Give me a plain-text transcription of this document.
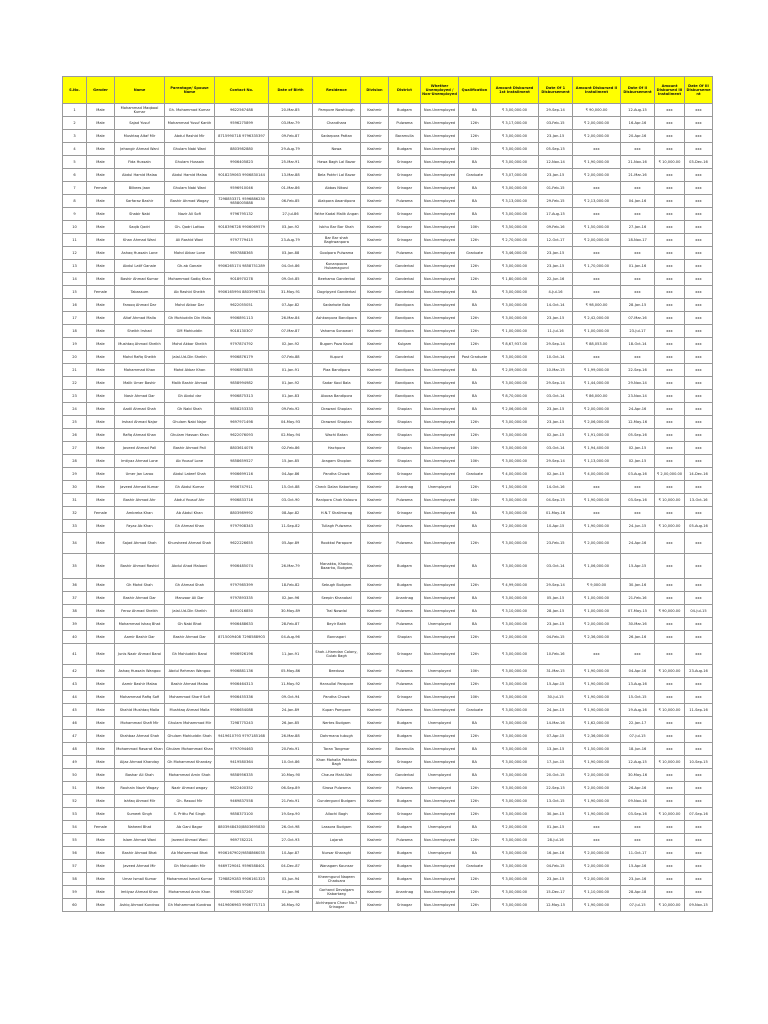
S.No.	Gender	Name	Parentage/ Spouse Name	Contact No.	Date of Birth	Residence	Division	District	Whether Unemployed / Non-Unemployed	Qualification	Amount Disbursed 1st Installment	Date Of 1 Disbursement	Amount Disbursed II Installment	Date Of II Disbursement	Amount Disbursed III Installment	Date Of III Disbursement
1	Male	Mohammad Maqbool Kumar	Gh. Mohammad Kumar	9622567488	20-Mar-85	Pampore Nowhbugh	Kashmir	Budgam	Non-Unemployed	BA	₹ 3,00,000.00	29-Sep-14	₹ 90,000.00	12-Aug-15	xxx	xxx
2	Male	Sajad Yusuf	Mohammad Yusuf Kanth	9596275899	03-Mar-79	Chandhara	Kashmir	Pulwama	Non-Unemployed	12th	₹ 3,17,000.00	03-Feb-15	₹ 2,00,000.00	16-Apr-16	xxx	xxx
3	Male	Mushtaq Altaf Mir	Abdul Rashid Mir	8715990718 9796335397	09-Feb-87	Sadarpora Pattan	Kashmir	Baramulla	Non-Unemployed	12th	₹ 3,00,000.00	23-Jan-15	₹ 2,00,000.00	20-Apr-16	xxx	xxx
4	Male	Jehangir Ahmad Wani	Ghulam Nabi Wani	8803982880	29-Aug-79	Nowa	Kashmir	Budgam	Non-Unemployed	10th	₹ 3,00,000.00	05-Sep-15	xxx	xxx	xxx	xxx
5	Male	Fida Hussain	Ghulam Hussain	9906405823	25-Mar-91	Hawa Bagh Lal Bazar	Kashmir	Srinagar	Non-Unemployed	BA	₹ 3,00,000.00	12-Nov-14	₹ 1,90,000.00	21-Nov-16	₹ 10,000.00	03-Dec-16
6	Male	Abdul Hamid Malaa	Abdul Hamid Malaa	9018239063 9906830144	13-Mar-88	Bela Pokhri Lal Bazar	Kashmir	Srinagar	Non-Unemployed	Graduate	₹ 3,07,000.00	23-Jan-15	₹ 2,00,000.00	21-Mar-16	xxx	xxx
7	Female	Bilkees Jaan	Ghulam Nabi Wani	9596910046	01-Mar-86	Abbas Nikasi	Kashmir	Srinagar	Non-Unemployed	BA	₹ 3,00,000.00	01-Feb-15	xxx	xxx	xxx	xxx
8	Male	Sarfaraz Bashir	Bashir Ahmad Wagay	7298853371 9596886230 9858005888	06-Feb-85	Alakpora Awantipora	Kashmir	Pulwama	Non-Unemployed	BA	₹ 3,13,000.00	29-Feb-15	₹ 2,13,000.00	04-Jan-16	xxx	xxx
9	Male	Shabir Nabi	Nazir Ali Sofi	9796795132	27-Jul-86	Fathe Kadal Malik Angan	Kashmir	Srinagar	Non-Unemployed	BA	₹ 3,00,000.00	17-Aug-15	xxx	xxx	xxx	xxx
10	Male	Saqib Qadri	Gh. Qadri Lattoo	9018396728 9906069579	03-Jan-92	Isbhu Bar Bar Shah	Kashmir	Srinagar	Non-Unemployed	10th	₹ 3,50,000.00	09-Feb-16	₹ 1,50,000.00	27-Jan-16	xxx	xxx
11	Male	Khan Ahmad Wani	Ali Rashid Wani	9797779415	23-Aug-79	Bar Bar shah Baghwanpora	Kashmir	Srinagar	Non-Unemployed	12th	₹ 2,70,000.00	12-Oct-17	₹ 2,00,000.00	18-Nov-17	xxx	xxx
12	Male	Ashaq Hussain Lone	Mohd Akbar Lone	9697888365	03-Jan-88	Goolpora Pulwama	Kashmir	Pulwama	Non-Unemployed	Graduate	₹ 3,46,000.00	23-Jan-15	xxx	xxx	xxx	xxx
13	Male	Abdul Latif Ganaie	Gh.ab Ganaie	9906265174 9858751289	04-Oct-86	Kunanpoora Hubamagund	Kashmir	Ganderbal	Non-Unemployed	12th	₹ 3,00,000.00	23-Jan-15	₹ 1,70,000.00	01-Jan-16	xxx	xxx
14	Male	Bashir Ahmad Kumar	Mohammad Sadiq Khan	9018970278	09-Oct-85	Beehama Ganderbal	Kashmir	Ganderbal	Non-Unemployed	12th	₹ 1,80,000.00	22-Jun-16	xxx	xxx	xxx	xxx
15	Female	Tabassum	Ab Rashid Sheikh	9906165994 8803996734	31-May-91	Dogripyed Ganderbal	Kashmir	Ganderbal	Non-Unemployed	BA	₹ 3,00,000.00	4-Jul-16	xxx	xxx	xxx	xxx
16	Male	Farooq Ahmad Dar	Mohd Akbar Dar	9622055051	07-Apr-82	Sadarkote Bala	Kashmir	Bandipora	Non-Unemployed	BA	₹ 3,00,000.00	14-Oct-14	₹ 98,000.00	28-Jan-15	xxx	xxx
17	Male	Altaf Ahmad Malla	Gh Mohiuddin Din Malla	9906891113	26-Mar-84	Ashkanpora Bandipora	Kashmir	Bandipora	Non-Unemployed	12th	₹ 3,00,000.00	23-Jan-15	₹ 2,42,000.00	07-Mar-16	xxx	xxx
18	Male	Sheikh Irshad	GM Mohiuddin	9018130307	07-Mar-87	Vahama Sonawari	Kashmir	Bandipora	Non-Unemployed	12th	₹ 1,00,000.00	11-Jul-16	₹ 1,00,000.00	23-Jul-17	xxx	xxx
19	Male	Mushtaq Ahmad Sheikh	Mohd Akbar Sheikh	9797874792	02-Jan-92	Bugam Poza Kaval	Kashmir	Kulgam	Non-Unemployed	12th	₹ 8,67,937.00	29-Sep-14	₹ 88,053.00	18-Oct-14	xxx	xxx
20	Male	Mohd Rafiq Sheikh	Jalal-Ud-Din Sheikh	9906876179	07-Feb-88	Kupurd	Kashmir	Ganderbal	Non-Unemployed	Post Graduate	₹ 3,00,000.00	10-Oct-14	xxx	xxx	xxx	xxx
21	Male	Mohammad Khan	Mohd Akbar Khan	9906870835	01-Jan-91	Plaa Bandipora	Kashmir	Bandipora	Non-Unemployed	BA	₹ 2,09,000.00	10-Mar-15	₹ 1,99,000.00	22-Sep-16	xxx	xxx
22	Male	Malik Umer Bashir	Malik Bashir Ahmad	9858994982	01-Jan-92	Sadar Kool Bala	Kashmir	Bandipora	Non-Unemployed	BA	₹ 3,00,000.00	29-Sep-14	₹ 1,44,000.00	29-Nov-14	xxx	xxx
23	Male	Nasir Ahmad Dar	Gh Abdul dar	9906875313	01-Jan-83	Aloosa Bandipora	Kashmir	Bandipora	Non-Unemployed	BA	₹ 8,70,000.00	03-Oct-14	₹ 86,000.00	23-Nov-14	xxx	xxx
24	Male	Aadil Ahmad Shah	Gh Nabi Shah	9858253333	09-Feb-92	Drawani Shopian	Kashmir	Shopian	Non-Unemployed	BA	₹ 2,06,000.00	23-Jan-15	₹ 2,00,000.00	24-Apr-16	xxx	xxx
25	Male	Irshad Ahmad Najar	Ghulam Nabi Najar	9697971498	04-May-93	Drawani Shopian	Kashmir	Shopian	Non-Unemployed	12th	₹ 3,00,000.00	23-Jan-15	₹ 2,06,000.00	12-May-16	xxx	xxx
26	Male	Rafiq Ahmad Khan	Ghulam Hassan Khan	9622076093	02-May-94	Wachi Batan	Kashmir	Shopian	Non-Unemployed	12th	₹ 3,00,000.00	02-Jan-15	₹ 1,91,000.00	05-Sep-16	xxx	xxx
27	Male	Javeed Ahmad Pall	Bashir Ahmad Pall	8803614076	02-Feb-86	Hachpora	Kashmir	Shopian	Non-Unemployed	10th	₹ 3,00,000.00	03-Oct-14	₹ 1,94,400.00	02-Jan-15	xxx	xxx
28	Male	Imtiyaz Ahmad Lone	Ab Yousuf Lone	9858659527	15-Jan-85	Aragam Shopian	Kashmir	Shopian	Non-Unemployed	10th	₹ 3,00,000.00	29-Sep-14	₹ 1,13,000.00	02-Jan-15	xxx	xxx
29	Male	Umer Jan Laroo	Abdul Lateef Shah	9906699116	04-Apr-86	Pandha Chowk	Kashmir	Srinagar	Non-Unemployed	Graduate	₹ 4,00,000.00	02-Jan-15	₹ 4,00,000.00	03-Aug-16	₹ 2,00,000.00	14-Dec-16
30	Male	Javeed Ahmad Kumar	Gh Abdul Kumar	9906747911	15-Oct-88	Check Dalan Kabartaeg	Kashmir	Anantnag	Unemployed	12th	₹ 1,50,000.00	14-Oct-16	xxx	xxx	xxx	xxx
31	Male	Bashir Ahmad Ahr	Abdul Yousuf Ahr	9906833716	03-Oct-90	Ranipora Chak Kalaura	Kashmir	Pulwama	Non-Unemployed	10th	₹ 3,00,000.00	04-Sep-15	₹ 1,90,000.00	03-Sep-16	₹ 10,000.00	13-Oct-16
32	Female	Ambreka Khan	Ab Abdul Khan	8803989992	08-Apr-82	H.N.T Shalimarag	Kashmir	Srinagar	Non-Unemployed	BA	₹ 3,00,000.00	01-May-16	xxx	xxx	xxx	xxx
33	Male	Fayaz Ab Khan	Gh Ahmad Khan	9797908343	11-Sep-82	Tullagh Pulwama	Kashmir	Pulwama	Non-Unemployed	BA	₹ 2,00,000.00	10-Apr-15	₹ 1,90,000.00	24-Jun-15	₹ 10,000.00	05-Aug-16
34	Male	Sajad Ahmad Shah	Khursheed Ahmad Shah	9622226655	05-Apr-89	Rookkal Parapore	Kashmir	Pulwama	Non-Unemployed	12th	₹ 3,00,000.00	23-Feb-15	₹ 2,00,000.00	24-Apr-16	xxx	xxx
35	Male	Bashir Ahmad Rashid	Abdul Ahad Malooni	9906485074	26-Mar-79	Manakka, Khanbu, Bazarka, Budgam	Kashmir	Budgam	Non-Unemployed	BA	₹ 3,00,000.00	03-Oct-14	₹ 1,06,000.00	15-Apr-15	xxx	xxx
36	Male	Gh Mohd Shah	Gh Ahmad Shah	9797985399	18-Feb-82	Sebugh Budgam	Kashmir	Budgam	Non-Unemployed	12th	₹ 4,99,000.00	29-Sep-14	₹ 9,000.00	30-Jan-16	xxx	xxx
37	Male	Bashir Ahmad Dar	Manzoor Ali Dar	9797893335	02-Jan-96	Seepin Khanabal	Kashmir	Anantnag	Non-Unemployed	BA	₹ 3,00,000.00	05-Jan-15	₹ 1,00,000.00	21-Feb-16	xxx	xxx
38	Male	Feroz Ahmad Sheikh	Jalal-Ud-Din Sheikh	8491016850	30-May-89	Tral Nowdal	Kashmir	Pulwama	Non-Unemployed	BA	₹ 3,10,000.00	28-Jan-15	₹ 1,00,000.00	07-May-15	₹ 90,000.00	04-Jul-15
39	Male	Mohammad Ishaq Bhat	Gh Nabi Bhat	9906488633	28-Feb-87	Beyir Bakh	Kashmir	Pulwama	Unemployed	BA	₹ 3,00,000.00	23-Jan-15	₹ 2,00,000.00	30-Mar-16	xxx	xxx
40	Male	Aamir Bashir Dar	Bashir Ahmad Dar	8715009408 7298588903	04-Aug-96	Bonnagari	Kashmir	Shopian	Non-Unemployed	12th	₹ 2,00,000.00	04-Feb-15	₹ 2,36,000.00	26-Jan-16	xxx	xxx
41	Male	Junis Nazir Ahmad Baroi	Gh Mohiuddin Baroi	9906926196	11-Jan-91	Shah-i-Hamdan Colony, Gulab Bagh	Kashmir	Srinagar	Non-Unemployed	12th	₹ 3,00,000.00	10-Feb-16	xxx	xxx	xxx	xxx
42	Male	Ashaq Hussain Wangoo	Abdul Rehman Wangoo	9906881136	05-May-86	Beedusa	Kashmir	Pulwama	Unemployed	10th	₹ 3,00,000.00	31-Mar-15	₹ 1,90,000.00	04-Apr-16	₹ 10,000.00	23-Aug-16
43	Male	Aamir Bashir Malaa	Bashir Ahmad Malaa	9906464313	11-May-92	Hansullal Parapore	Kashmir	Pulwama	Non-Unemployed	12th	₹ 3,00,000.00	15-Apr-15	₹ 1,90,000.00	13-Aug-16	xxx	xxx
44	Male	Mohammad Rafiq Sofi	Mohammad Sharif Sofi	9906455336	09-Oct-94	Pandha Chowk	Kashmir	Srinagar	Non-Unemployed	10th	₹ 3,00,000.00	30-Jul-15	₹ 1,90,000.00	15-Oct-15	xxx	xxx
45	Male	Shahid Mushtaq Malla	Mushtaq Ahmad Malla	9906654088	24-Jan-89	Kupan Pampore	Kashmir	Pulwama	Non-Unemployed	Graduate	₹ 3,00,000.00	24-Jan-15	₹ 1,90,000.00	19-Aug-16	₹ 10,000.00	11-Sep-16
46	Male	Mohammad Shafi Mir	Ghulam Mohammad Mir	7298775243	26-Jan-85	Nertes Budgam	Kashmir	Budgam	Unemployed	BA	₹ 3,00,000.00	14-Mar-16	₹ 1,62,000.00	22-Jan-17	xxx	xxx
47	Male	Shahbaz Ahmad Shah	Ghulam Mohiuddin Shah	9419610793 9797185168	26-Mar-88	Dahrmana tubugh	Kashmir	Budgam	Non-Unemployed	12th	₹ 3,00,000.00	07-Apr-15	₹ 2,36,000.00	07-Jul-15	xxx	xxx
48	Male	Mohammad Rasarat Khan	Ghulam Mohammad Khan	9797094463	20-Feb-91	Taran Tangmar	Kashmir	Baramulla	Non-Unemployed	BA	₹ 3,00,000.00	13-Jan-15	₹ 1,50,000.00	18-Jun-16	xxx	xxx
49	Male	Aijaz Ahmad Khanday	Gh Mohammad Khanday	9419580364	10-Oct-86	Khan Mohalla Pakhaka Bagh	Kashmir	Srinagar	Non-Unemployed	BA	₹ 3,00,000.00	17-Jun-15	₹ 1,90,000.00	12-Aug-15	₹ 10,000.00	10-Sep-15
50	Male	Bashar Ali Shah	Mohammad Amin Shah	9858956335	10-May-90	Chaura Mahi-Wai	Kashmir	Ganderbal	Unemployed	BA	₹ 3,00,000.00	20-Oct-15	₹ 2,00,000.00	30-May-16	xxx	xxx
51	Male	Rouhain Nazir Wagay	Nazir Ahmad wagay	9622400352	06-Sep-89	Sirosa Pulwama	Kashmir	Pulwama	Unemployed	12th	₹ 3,00,000.00	22-Sep-15	₹ 2,00,000.00	26-Apr-16	xxx	xxx
52	Male	Ishfaq Ahmad Mir	Gh. Rasool Mir	9469837558	21-Feb-91	Gundergund Budgam	Kashmir	Budgam	Non-Unemployed	12th	₹ 3,00,000.00	13-Oct-15	₹ 1,90,000.00	09-Nov-16	xxx	xxx
53	Male	Sumeet Singh	S. Prittu Pal Singh	9858373100	19-Sep-90	Allochi Bagh	Kashmir	Srinagar	Non-Unemployed	12th	₹ 3,00,000.00	30-Jan-15	₹ 1,90,000.00	03-Sep-16	₹ 10,000.00	07-Sep-16
54	Female	Naheed Bhat	Ab Gani Bagar	8803948430/8803695830	26-Oct-98	Lassora Budgam	Kashmir	Budgam	Unemployed	BA	₹ 2,00,000.00	01-Jan-15	xxx	xxx	xxx	xxx
55	Male	Islam Ahmad Wani	Javeed Ahmad Wani	9697782221	27-Oct-93	Lajarah	Kashmir	Pulwama	Non-Unemployed	12th	₹ 3,00,000.00	28-Jul-16	xxx	xxx	xxx	xxx
56	Male	Bashir Ahmad Bhat	Ab Mohammad Bhat	9906167902/9858866035	10-Apr-87	Nursar Kharaghi	Kashmir	Budgam	Unemployed	BA	₹ 3,00,000.00	16-Jan-16	₹ 2,00,000.00	11-Oct-17	xxx	xxx
57	Male	Javeed Ahmad Mir	Gh Mohiuddin Mir	9469729041 9596588401	04-Dec-87	Wanagam Kounsar	Kashmir	Budgam	Non-Unemployed	Graduate	₹ 3,00,000.00	04-Feb-15	₹ 2,00,000.00	15-Apr-16	xxx	xxx
58	Male	Umar Ismail Kumar	Mohammad Ismail Kumar	7298829283 9906161323	03-Jun-94	Kheemgund Naqeen Chaduara	Kashmir	Budgam	Non-Unemployed	12th	₹ 3,00,000.00	23-Jan-15	₹ 2,00,000.00	23-Jun-16	xxx	xxx
59	Male	Imtiyaz Ahmad Khan	Mohammad Amin Khan	9906537267	01-Jan-96	Gorhand Devalgam Kabartaeg	Kashmir	Anantnag	Non-Unemployed	12th	₹ 3,00,000.00	15-Dec-17	₹ 1,10,000.00	28-Apr-18	xxx	xxx
60	Male	Ashiq Ahmad Kundroo	Gh Mohammad Kundroo	9419606963 9906771713	16-May-92	Alchhepora Chaur No.7 Srinagar	Kashmir	Srinagar	Non-Unemployed	12th	₹ 3,00,000.00	12-May-15	₹ 1,90,000.00	07-Jul-15	₹ 10,000.00	09-Nov-15
